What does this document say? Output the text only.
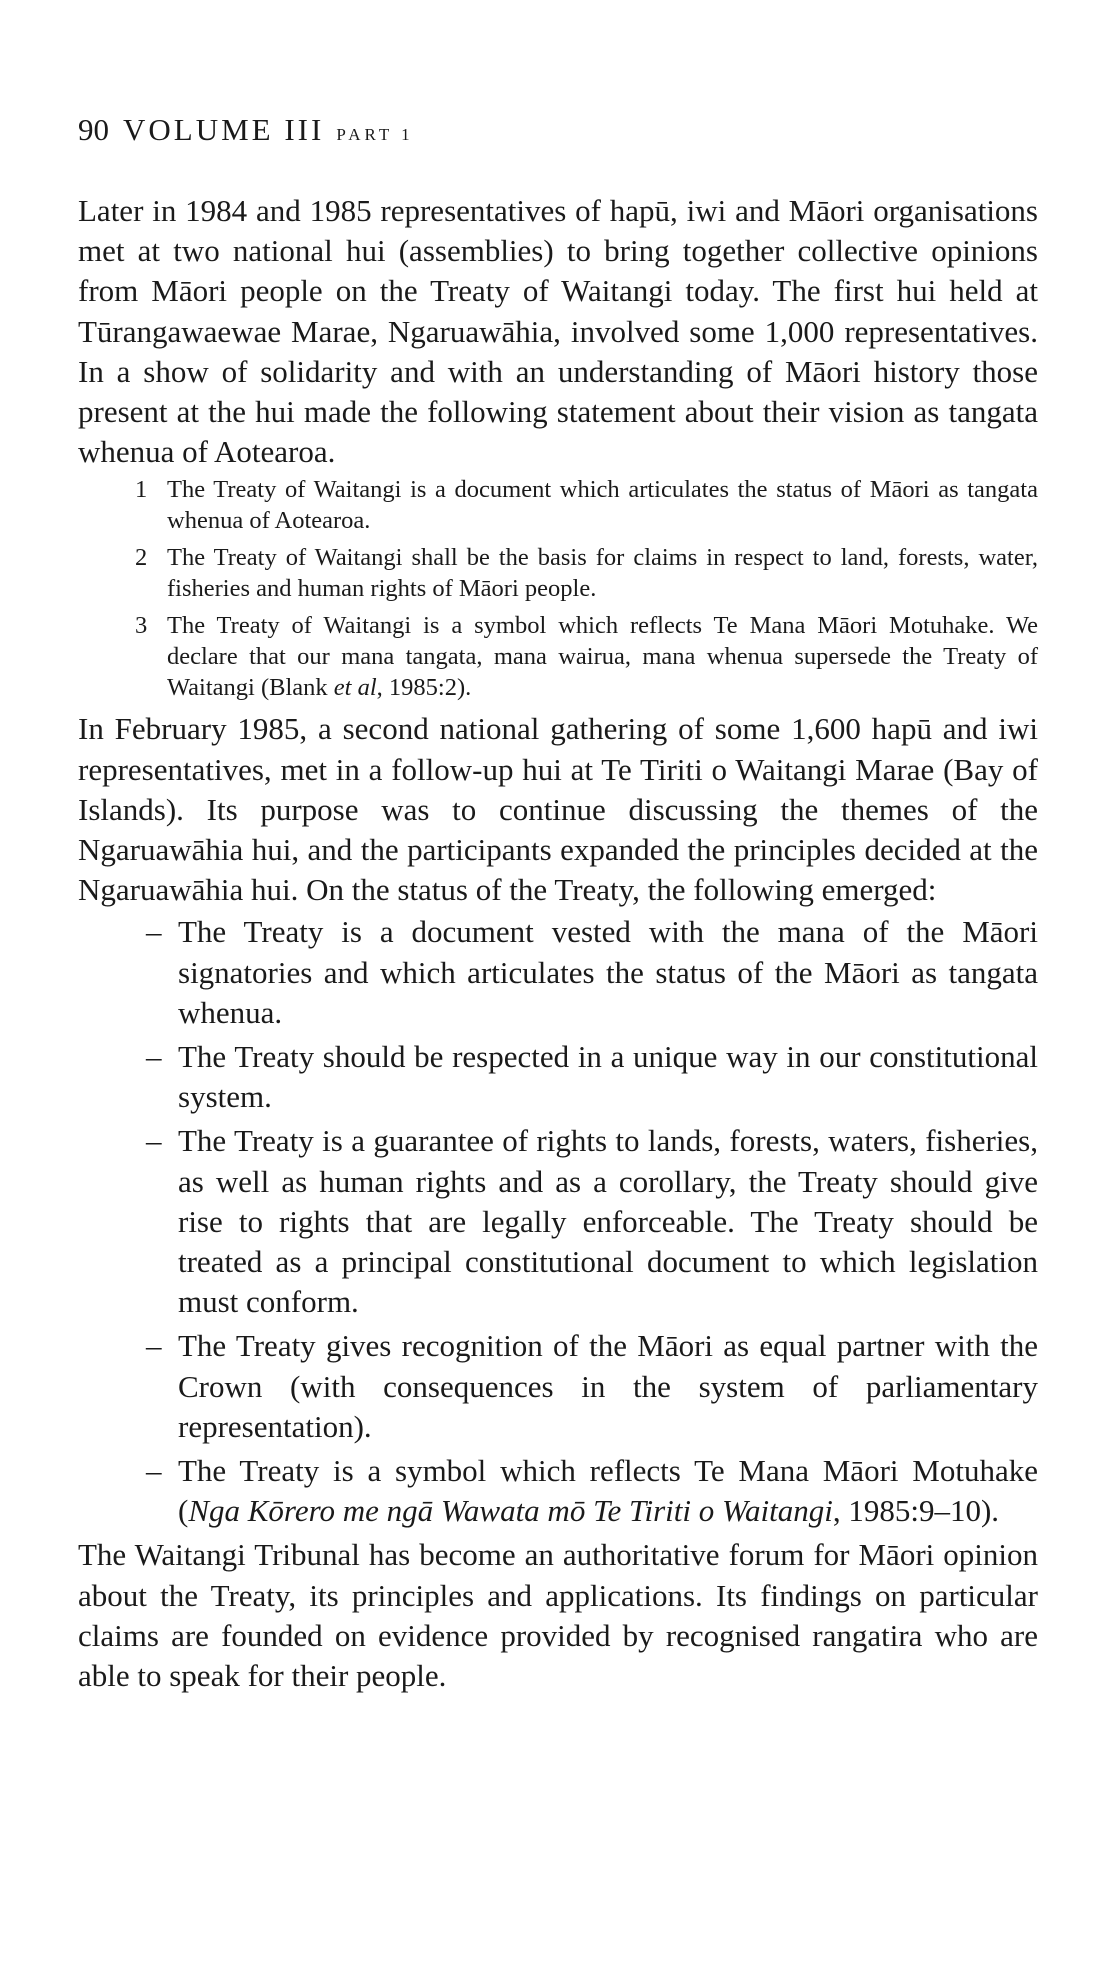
90 VOLUME III PART 1

Later in 1984 and 1985 representatives of hapū, iwi and Māori organisations met at two national hui (assemblies) to bring together collective opinions from Māori people on the Treaty of Waitangi today. The first hui held at Tūrangawaewae Marae, Ngaruawāhia, involved some 1,000 representatives. In a show of solidarity and with an understanding of Māori history those present at the hui made the following statement about their vision as tangata whenua of Aotearoa.

1 The Treaty of Waitangi is a document which articulates the status of Māori as tangata whenua of Aotearoa.
2 The Treaty of Waitangi shall be the basis for claims in respect to land, forests, water, fisheries and human rights of Māori people.
3 The Treaty of Waitangi is a symbol which reflects Te Mana Māori Motuhake. We declare that our mana tangata, mana wairua, mana whenua supersede the Treaty of Waitangi (Blank et al, 1985:2).

In February 1985, a second national gathering of some 1,600 hapū and iwi representatives, met in a follow-up hui at Te Tiriti o Waitangi Marae (Bay of Islands). Its purpose was to continue discussing the themes of the Ngaruawāhia hui, and the participants expanded the principles decided at the Ngaruawāhia hui. On the status of the Treaty, the following emerged:

– The Treaty is a document vested with the mana of the Māori signatories and which articulates the status of the Māori as tangata whenua.
– The Treaty should be respected in a unique way in our constitutional system.
– The Treaty is a guarantee of rights to lands, forests, waters, fisheries, as well as human rights and as a corollary, the Treaty should give rise to rights that are legally enforceable. The Treaty should be treated as a principal constitutional document to which legislation must conform.
– The Treaty gives recognition of the Māori as equal partner with the Crown (with consequences in the system of parliamentary representation).
– The Treaty is a symbol which reflects Te Mana Māori Motuhake (Nga Kōrero me ngā Wawata mō Te Tiriti o Waitangi, 1985:9–10).

The Waitangi Tribunal has become an authoritative forum for Māori opinion about the Treaty, its principles and applications. Its findings on particular claims are founded on evidence provided by recognised rangatira who are able to speak for their people.
